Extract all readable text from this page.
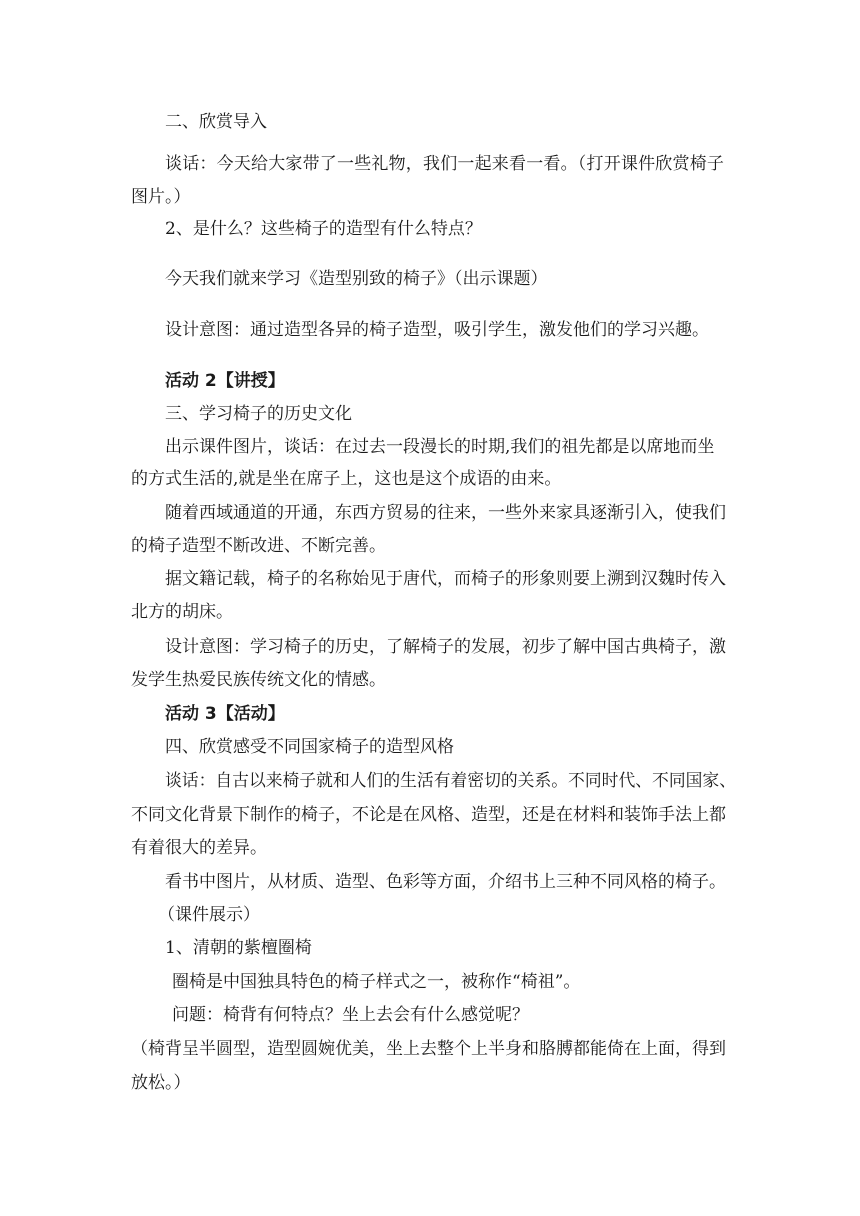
二、欣赏导入
谈话：今天给大家带了一些礼物，我们一起来看一看。（打开课件欣赏椅子
图片。）
2、是什么？这些椅子的造型有什么特点？
今天我们就来学习《造型别致的椅子》（出示课题）
设计意图：通过造型各异的椅子造型，吸引学生，激发他们的学习兴趣。
活动 2【讲授】
三、学习椅子的历史文化
出示课件图片，谈话：在过去一段漫长的时期,我们的祖先都是以席地而坐
的方式生活的,就是坐在席子上，这也是这个成语的由来。
随着西域通道的开通，东西方贸易的往来，一些外来家具逐渐引入，使我们
的椅子造型不断改进、不断完善。
据文籍记载，椅子的名称始见于唐代，而椅子的形象则要上溯到汉魏时传入
北方的胡床。
设计意图：学习椅子的历史，了解椅子的发展，初步了解中国古典椅子，激
发学生热爱民族传统文化的情感。
活动 3【活动】
四、欣赏感受不同国家椅子的造型风格
谈话：自古以来椅子就和人们的生活有着密切的关系。不同时代、不同国家、
不同文化背景下制作的椅子，不论是在风格、造型，还是在材料和装饰手法上都
有着很大的差异。
看书中图片，从材质、造型、色彩等方面，介绍书上三种不同风格的椅子。
（课件展示）
1、清朝的紫檀圈椅
圈椅是中国独具特色的椅子样式之一，被称作“椅祖”。
问题：椅背有何特点？坐上去会有什么感觉呢？
（椅背呈半圆型，造型圆婉优美，坐上去整个上半身和胳膊都能倚在上面，得到
放松。）
